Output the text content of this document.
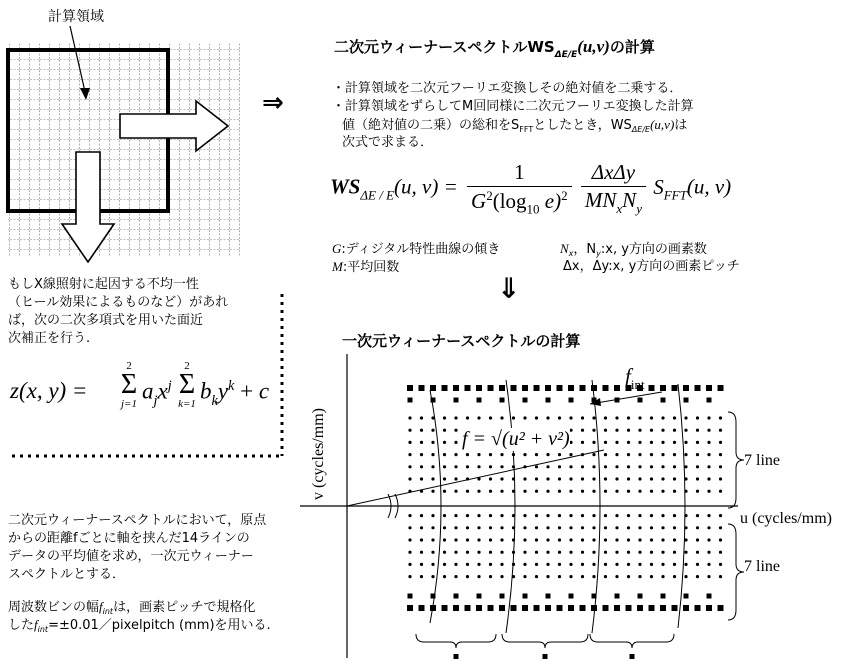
計算領域
⇒
二次元ウィーナースペクトル$WS_{\Delta E/E}(u,v)$の計算
・計算領域を二次元フーリエ変換しその絶対値を二乗する．
・計算領域をずらしてM回同様に二次元フーリエ変換した計算
値（絶対値の二乗）の総和を$S_{FFT}$としたとき，$WS_{\Delta E/E}(u,v)$は
次式で求まる．
$WS_{\Delta E / E}(u$, $v) = \frac{1}{G^2(\log_{10} e)^2}$
$\frac{\text{ΔxΔy}}{MN_xN_y} S_{FFT}(u$, v)
G:ディジタル特性曲線の傾き
M:平均回数
$N_x$，$N_y:x$, y方向の画素数
Δx，Δy:x, y方向の画素ピッチ
⇒
もしX線照射に起因する不均一性
（ヒール効果によるものなど）があれ
ば，次の二次多項式を用いた面近
次補正を行う.
z(x, y) =
2
Σ
j=1
$a_jx^j$
2
Σ
k=1
$b_ky^k + c$
二次元ウィーナースペクトルにおいて，原点
からの距離fごとに軸を挟んだ14ラインの
データの平均値を求め，一次元ウィーナー
スペクトルとする．
周波数ビンの幅$f_{int}$は，画素ピッチで規格化
した$f_{int}=\pm 0.01/pixelpitch$ (mm)を用いる.
一次元ウィーナースペクトルの計算
$f_{int}$
f = √(u² + v²)
7 line
7 line
u (cycles/mm)
v (cycles/mm)
